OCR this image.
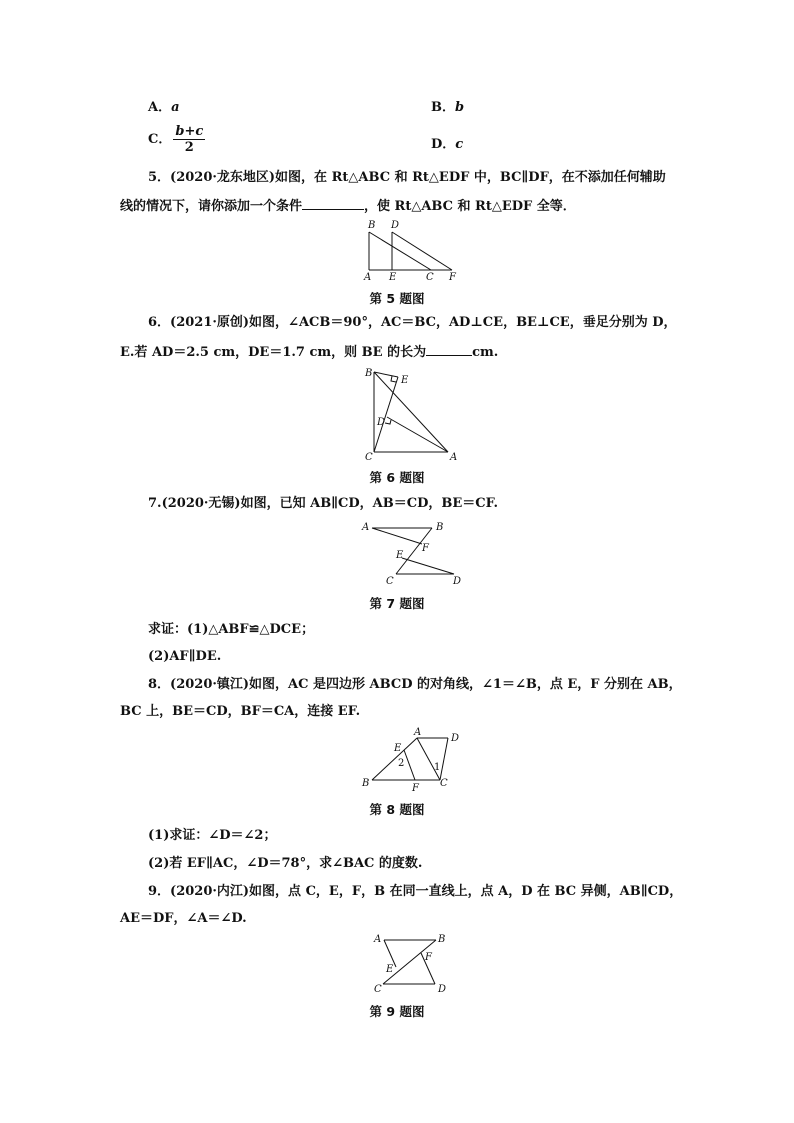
A．a	B．b
C． $\frac{b+c}{2}$	D．c
5．(2020·龙东地区)如图，在 Rt△ABC 和 Rt△EDF 中，BC∥DF，在不添加任何辅助
线的情况下，请你添加一个条件	，使 Rt△ABC 和 Rt△EDF 全等．
B D
A E	C F
第 5 题图
6．(2021·原创)如图，∠ACB＝90°，AC＝BC，AD⊥CE，BE⊥CE，垂足分别为 D，
E.若 AD＝2.5 cm，DE＝1.7 cm，则 BE 的长为	cm.
B
E
D
C	A
第 6 题图
7.(2020·无锡)如图，已知 AB∥CD，AB＝CD，BE＝CF.
A	B
E
F
C	D
第 7 题图
求证：(1)△ABF≌△DCE；
(2)AF∥DE.
8．(2020·镇江)如图，AC 是四边形 ABCD 的对角线，∠1＝∠B，点 E，F 分别在 AB，
BC 上，BE＝CD，BF＝CA，连接 EF.
A
D
E
2	1
B	F C
第 8 题图
(1)求证：∠D＝∠2；
(2)若 EF∥AC，∠D＝78°，求∠BAC 的度数.
9．(2020·内江)如图，点 C，E，F，B 在同一直线上，点 A，D 在 BC 异侧，AB∥CD，
AE＝DF，∠A＝∠D.
A	B
F
E
C	D
第 9 题图
